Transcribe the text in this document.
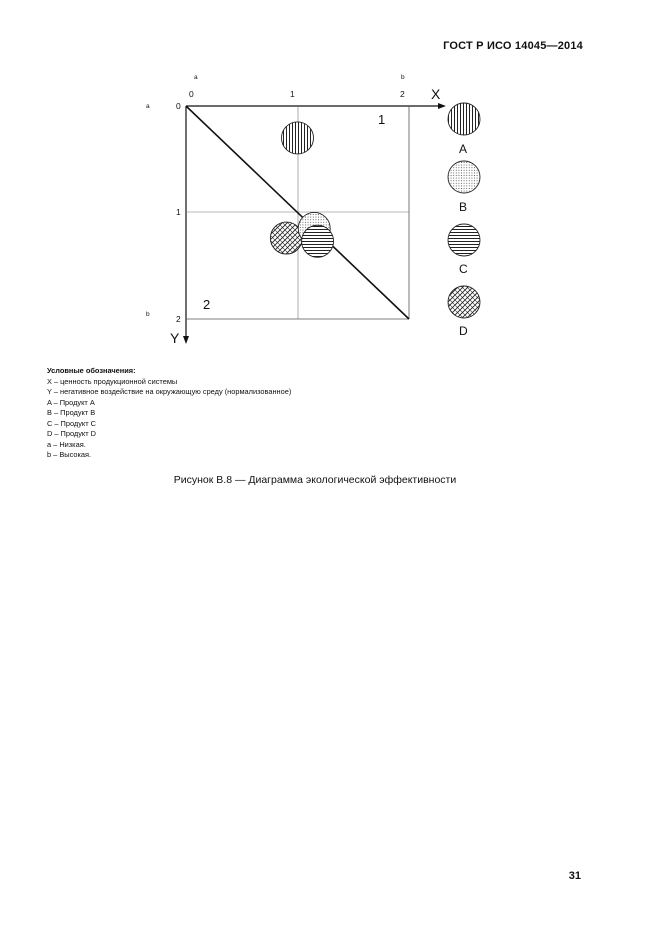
ГОСТ Р ИСО 14045—2014
0	1	2
0
1
2
a	b
a
b
X
Y
1
2
A
B
C
D
Условные обозначения:
X – ценность продукционной системы
Y – негативное воздействие на окружающую среду (нормализованное)
A – Продукт A
B – Продукт B
C – Продукт C
D – Продукт D
a – Низкая.
b – Высокая.
Рисунок B.8 — Диаграмма экологической эффективности
31
